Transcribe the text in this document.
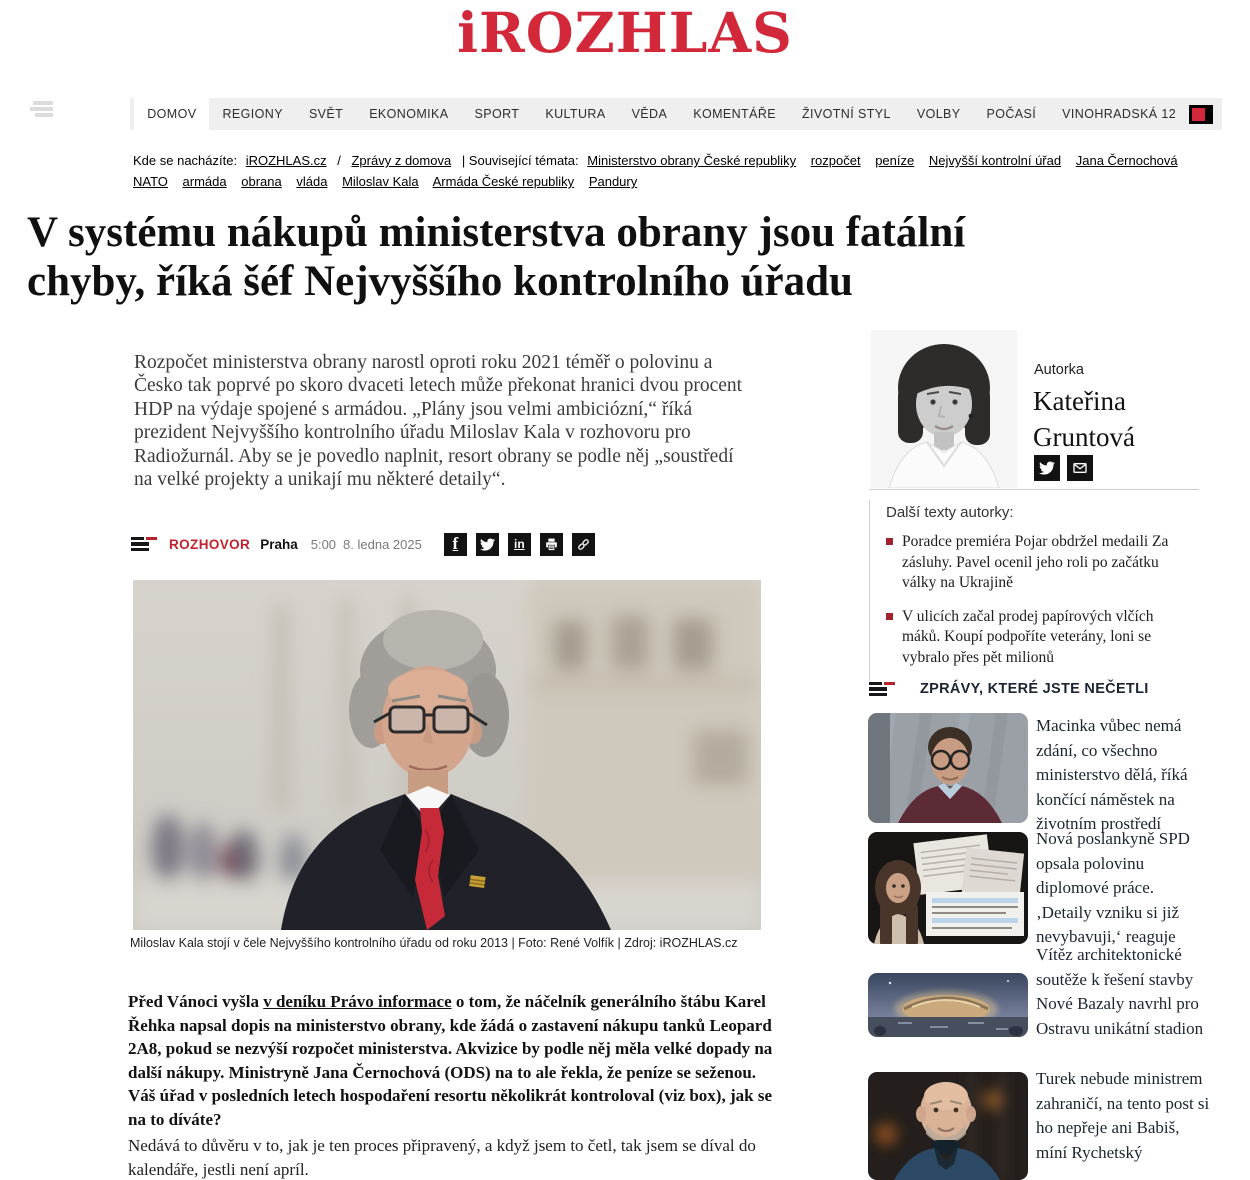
iROZHLAS
DOMOV	REGIONY	SVĚT	EKONOMIKA	SPORT	KULTURA	VĚDA	KOMENTÁŘE	ŽIVOTNÍ STYL	VOLBY	POČASÍ	VINOHRADSKÁ 12
Kde se nacházíte: iROZHLAS.cz / Zprávy z domova | Související témata: Ministerstvo obrany České republiky rozpočet peníze Nejvyšší kontrolní úřad Jana Černochová NATO armáda obrana vláda Miloslav Kala Armáda České republiky Pandury
V systému nákupů ministerstva obrany jsou fatální
chyby, říká šéf Nejvyššího kontrolního úřadu

Rozpočet ministerstva obrany narostl oproti roku 2021 téměř o polovinu a Česko tak poprvé po skoro dvaceti letech může překonat hranici dvou procent HDP na výdaje spojené s armádou. „Plány jsou velmi ambiciózní,“ říká prezident Nejvyššího kontrolního úřadu Miloslav Kala v rozhovoru pro Radiožurnál. Aby se je povedlo naplnit, resort obrany se podle něj „soustředí na velké projekty a unikají mu některé detaily“.

ROZHOVOR Praha 5:00 8. ledna 2025	f	in
Miloslav Kala stojí v čele Nejvyššího kontrolního úřadu od roku 2013 | Foto: René Volfík | Zdroj: iROZHLAS.cz

Před Vánoci vyšla v deníku Právo informace o tom, že náčelník generálního štábu Karel Řehka napsal dopis na ministerstvo obrany, kde žádá o zastavení nákupu tanků Leopard 2A8, pokud se nezvýší rozpočet ministerstva. Akvizice by podle něj měla velké dopady na další nákupy. Ministryně Jana Černochová (ODS) na to ale řekla, že peníze se seženou. Váš úřad v posledních letech hospodaření resortu několikrát kontroloval (viz box), jak se na to díváte?

Nedává to důvěru v to, jak je ten proces připravený, a když jsem to četl, tak jsem se díval do kalendáře, jestli není apríl.

Autorka
Kateřina Gruntová
Další texty autorky:
Poradce premiéra Pojar obdržel medaili Za zásluhy. Pavel ocenil jeho roli po začátku války na Ukrajině
V ulicích začal prodej papírových vlčích máků. Koupí podpoříte veterány, loni se vybralo přes pět milionů
ZPRÁVY, KTERÉ JSTE NEČETLI
Macinka vůbec nemá zdání, co všechno ministerstvo dělá, říká končící náměstek na životním prostředí
Nová poslankyně SPD opsala polovinu diplomové práce. ‚Detaily vzniku si již nevybavuji,‘ reaguje
Vítěz architektonické soutěže k řešení stavby Nové Bazaly navrhl pro Ostravu unikátní stadion
Turek nebude ministrem zahraničí, na tento post si ho nepřeje ani Babiš, míní Rychetský
